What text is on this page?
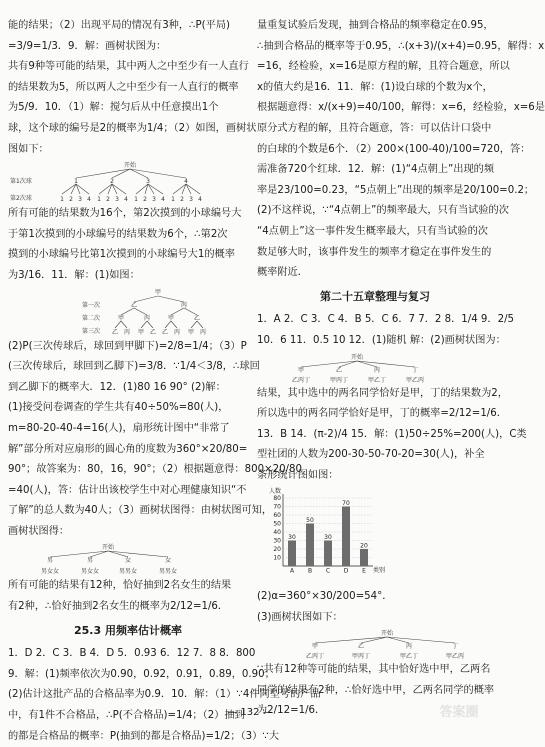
能的结果；（2）出现平局的情况有3种，∴P(平局)
=3/9=1/3．9．解：画树状图为：
共有9种等可能的结果，其中两人之中至少有一人直行
的结果数为5，所以两人之中至少有一人直行的概率
为5/9．10．（1）解：搅匀后从中任意摸出1个
球，这个球的编号是2的概率为1/4；（2）如图，画树状
图如下：
开始
第1次球
第2次球
1	2	3	4
1 2 3 4 1 2 3 4 1 2 3 4 1 2 3 4
所有可能的结果数为16个，第2次摸到的小球编号大
于第1次摸到的小球编号的结果数为6个，∴第2次
摸到的小球编号比第1次摸到的小球编号大1的概率
为3/16．11．解：(1)如图：
甲
第一次
第二次
第三次
乙	丙
甲	丙	甲	乙
乙 丙 甲 乙 乙 丙 甲 丙
(2)P(三次传球后，球回到甲脚下)=2/8=1/4；（3）P
(三次传球后，球回到乙脚下)=3/8．∵1/4＜3/8，∴球回
到乙脚下的概率大．12．(1)80 16 90° (2)解：
(1)接受问卷调查的学生共有40÷50%=80(人)，
m=80-20-40-4=16(人)，扇形统计图中“非常了
解”部分所对应扇形的圆心角的度数为360°×20/80=
90°；故答案为：80，16，90°；（2）根据题意得：800×20/80
=40(人)，答：估计出该校学生中对心理健康知识“不
了解”的总人数为40人；（3）画树状图得：由树状图可知，
画树状图得：
开始
男	男	女	女
男女女	男女女	男男女	男男女
所有可能的结果有12种，恰好抽到2名女生的结果
有2种，∴恰好抽到2名女生的概率为2/12=1/6．
25.3 用频率估计概率
1．D 2．C 3．B 4．D 5．0.93 6．12 7．8 8．800
9．解：(1)频率依次为0.90，0.92，0.91，0.89，0.90；
(2)估计这批产品的合格品率为0.9．10．解：（1）∵4件同型号的产品
中，有1件不合格品，∴P(不合格品)=1/4；（2）抽到
的都是合格品的概率：P(抽到的都是合格品)=1/2；（3）∵大
量重复试验后发现，抽到合格品的频率稳定在0.95，
∴抽到合格品的概率等于0.95，∴(x+3)/(x+4)=0.95，解得：x
=16，经检验，x=16是原方程的解，且符合题意，所以
x的值大约是16．11．解：(1)设白球的个数为x个，
根据题意得：x/(x+9)=40/100，解得：x=6，经检验，x=6是
原分式方程的解，且符合题意，答：可以估计口袋中
的白球的个数是6个．（2）200×(100-40)/100=720，答：
需准备720个红球．12．解：(1)“4点朝上”出现的频
率是23/100=0.23，“5点朝上”出现的频率是20/100=0.2；
(2)不这样说，∵“4点朝上”的频率最大，只有当试验的次
“4点朝上”这一事件发生概率最大，只有当试验的次
数足够大时，该事件发生的频率才稳定在事件发生的
概率附近．
第二十五章整理与复习
1．A 2．C 3．C 4．B 5．C 6．7 7．2 8．1/4 9．2/5
10．6 11．0.5 10 12．(1)随机 解：(2)画树状图为：
开始
甲	乙	丙	丁
乙丙丁	甲丙丁	甲乙丁	甲乙丙
结果，其中选中的两名同学恰好是甲，丁的结果数为2，
所以选中的两名同学恰好是甲，丁的概率=2/12=1/6．
13．B 14．(π-2)/4 15．解：(1)50÷25%=200(人)，C类
型社团的人数为200-30-50-70-20=30(人)，补全
条形统计图如图：
人数
类别
10
20
30
40
50
60
70
80
30
A
50
B
30
C
70
D
20
E
(2)α=360°×30/200=54°．
(3)画树状图如下：
开始
甲	乙	丙	丁
乙丙丁	甲丙丁	甲乙丁	甲乙丙
∵共有12种等可能的结果，其中恰好选中甲，乙两名
同学的结果有2种，∴恰好选中甲，乙两名同学的概率
为2/12=1/6．
— 132 —	答案圈
